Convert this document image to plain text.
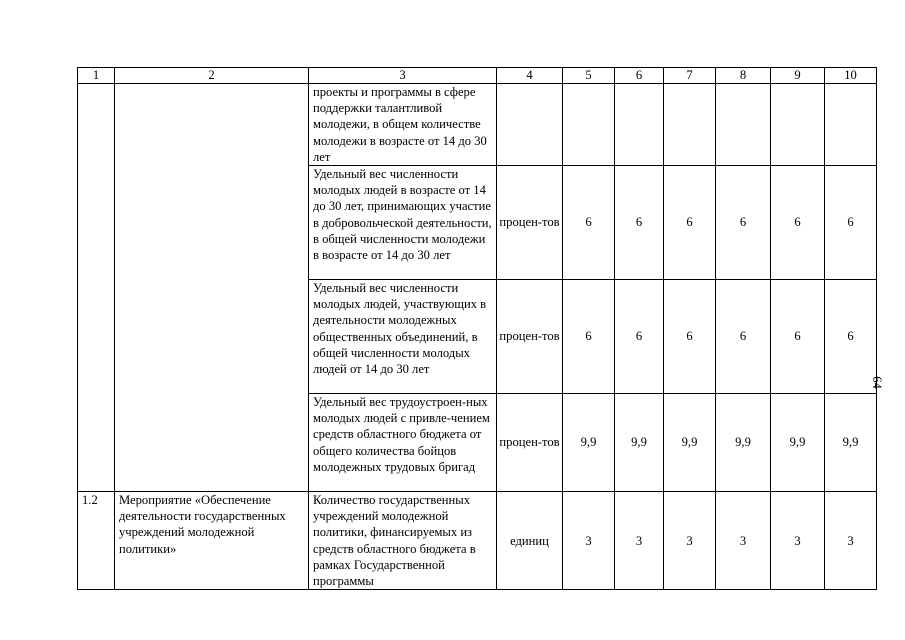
1	2	3	4	5	6	7	8	9	10
		проекты и программы в сфере поддержки талантливой молодежи, в общем количестве молодежи в возрасте от 14 до 30 лет							
		Удельный вес численности молодых людей в возрасте от 14 до 30 лет, принимающих участие в добровольческой деятельности, в общей численности молодежи в возрасте от 14 до 30 лет	процен-тов	6	6	6	6	6	6
		Удельный вес численности молодых людей, участвующих в деятельности молодежных общественных объединений, в общей численности молодых людей от 14 до 30 лет	процен-тов	6	6	6	6	6	6
		Удельный вес трудоустроен-ных молодых людей с привле-чением средств областного бюджета от общего количества бойцов молодежных трудовых бригад	процен-тов	9,9	9,9	9,9	9,9	9,9	9,9
1.2	Мероприятие «Обеспечение деятельности государственных учреждений молодежной политики»	Количество государственных учреждений молодежной политики, финансируемых из средств областного бюджета в рамках Государственной программы	единиц	3	3	3	3	3	3
64
